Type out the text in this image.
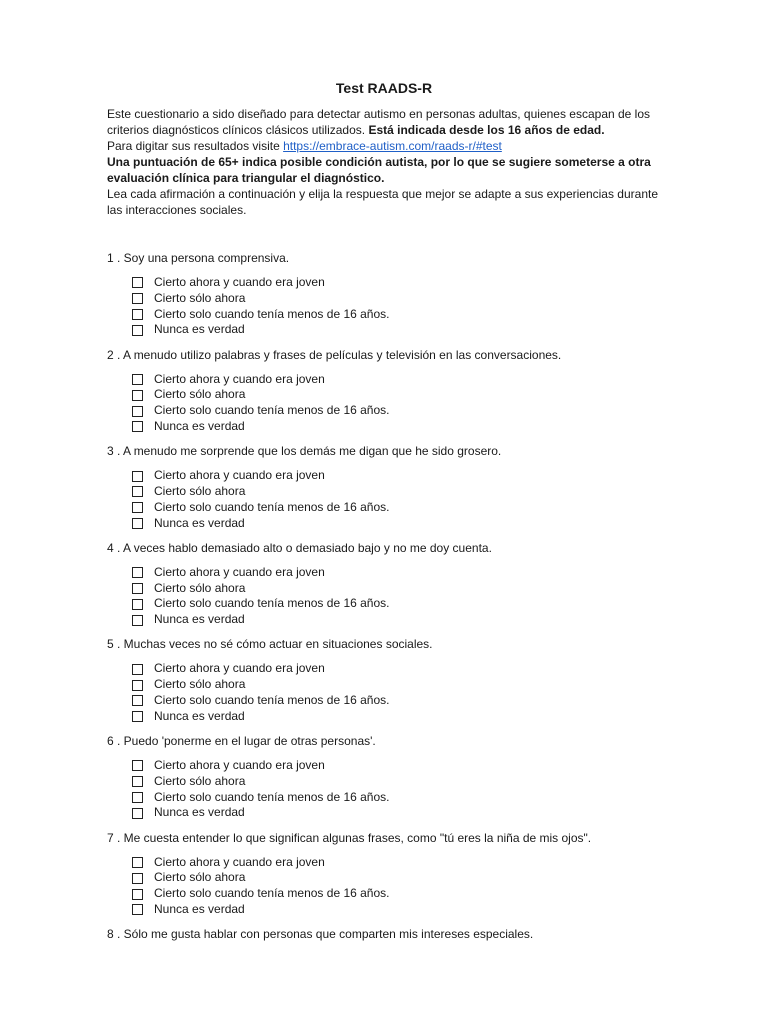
Test RAADS-R

Este cuestionario a sido diseñado para detectar autismo en personas adultas, quienes escapan de los criterios diagnósticos clínicos clásicos utilizados. Está indicada desde los 16 años de edad.

Para digitar sus resultados visite https://embrace-autism.com/raads-r/#test

Una puntuación de 65+ indica posible condición autista, por lo que se sugiere someterse a otra evaluación clínica para triangular el diagnóstico.

Lea cada afirmación a continuación y elija la respuesta que mejor se adapte a sus experiencias durante las interacciones sociales.

1 . Soy una persona comprensiva.

Cierto ahora y cuando era joven
Cierto sólo ahora
Cierto solo cuando tenía menos de 16 años.
Nunca es verdad

2 . A menudo utilizo palabras y frases de películas y televisión en las conversaciones.

Cierto ahora y cuando era joven
Cierto sólo ahora
Cierto solo cuando tenía menos de 16 años.
Nunca es verdad

3 . A menudo me sorprende que los demás me digan que he sido grosero.

Cierto ahora y cuando era joven
Cierto sólo ahora
Cierto solo cuando tenía menos de 16 años.
Nunca es verdad

4 . A veces hablo demasiado alto o demasiado bajo y no me doy cuenta.

Cierto ahora y cuando era joven
Cierto sólo ahora
Cierto solo cuando tenía menos de 16 años.
Nunca es verdad

5 . Muchas veces no sé cómo actuar en situaciones sociales.

Cierto ahora y cuando era joven
Cierto sólo ahora
Cierto solo cuando tenía menos de 16 años.
Nunca es verdad

6 . Puedo 'ponerme en el lugar de otras personas'.

Cierto ahora y cuando era joven
Cierto sólo ahora
Cierto solo cuando tenía menos de 16 años.
Nunca es verdad

7 . Me cuesta entender lo que significan algunas frases, como "tú eres la niña de mis ojos".

Cierto ahora y cuando era joven
Cierto sólo ahora
Cierto solo cuando tenía menos de 16 años.
Nunca es verdad

8 . Sólo me gusta hablar con personas que comparten mis intereses especiales.
